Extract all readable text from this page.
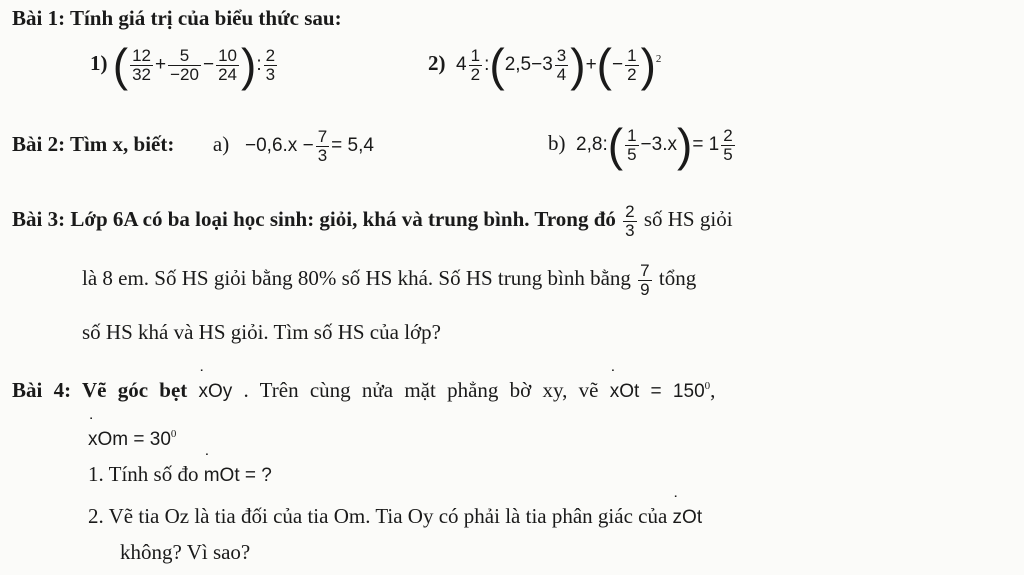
Bài 1: Tính giá trị của biểu thức sau:
1) ( $\frac{12}{32} + \frac{5}{-20} - \frac{10}{24}$ ): $\frac{2}{3}$	2)  $4 \frac{1}{2}$ :(2,5−3 $\frac{3}{4}$ )+(− $\frac{1}{2} )^2$
Bài 2: Tìm x, biết: $a) -0,6.x - \frac{7}{3} = 5,4$	b)  2,8:( $\frac{1}{5} -3.x)= 1 \frac{2}{5}$
Bài 3: Lớp 6A có ba loại học sinh: giỏi, khá và trung bình. Trong đó $\frac{2}{3}$ số HS giỏi
là 8 em. Số HS giỏi bằng 80% số HS khá. Số HS trung bình bằng $\frac{7}{9}$ tổng
số HS khá và HS giỏi. Tìm số HS của lớp?
Bài 4: Vẽ góc bẹt ˙ xOy . Trên cùng nửa mặt phẳng bờ xy, vẽ ˙ xOt = $150^0$,
˙ xOm = $30^0$
1. Tính số đo ˙ mOt = ?
2. Vẽ tia Oz là tia đối của tia Om. Tia Oy có phải là tia phân giác của ˙ zOt
không? Vì sao?
